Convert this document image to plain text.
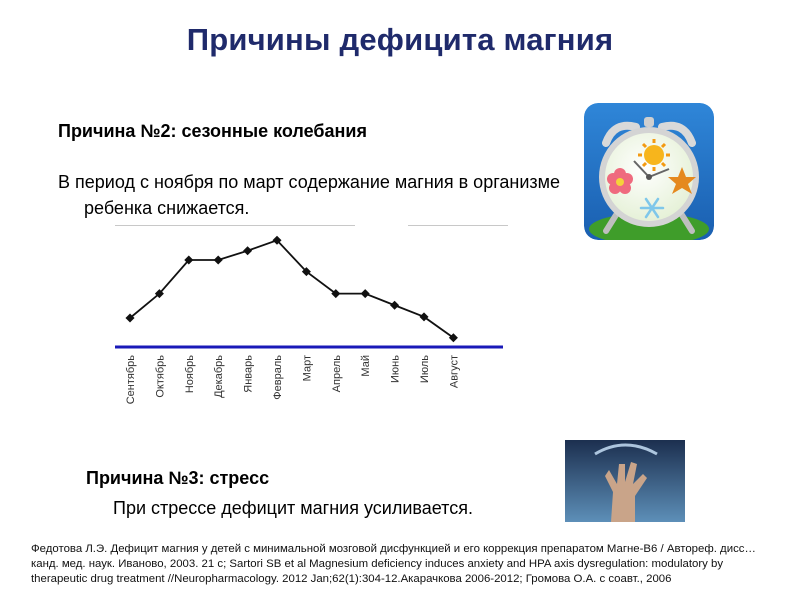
Причины дефицита магния
Причина №2: сезонные колебания
В период с ноября по март содержание магния в организме ребенка снижается.
Сентябрь Октябрь Ноябрь Декабрь Январь Февраль Март Апрель Май Июнь Июль Август
Причина №3: стресс
При стрессе дефицит магния усиливается.
Федотова Л.Э. Дефицит магния у детей с минимальной мозговой дисфункцией и его коррекция препаратом Магне-В6 / Автореф. дисс… канд. мед. наук. Иваново, 2003. 21 с; Sartori SB et al Magnesium deficiency induces anxiety and HPA axis dysregulation: modulatory by therapeutic drug treatment //Neuropharmacology. 2012 Jan;62(1):304-12.Акарачкова 2006-2012; Громова О.А. с соавт., 2006
